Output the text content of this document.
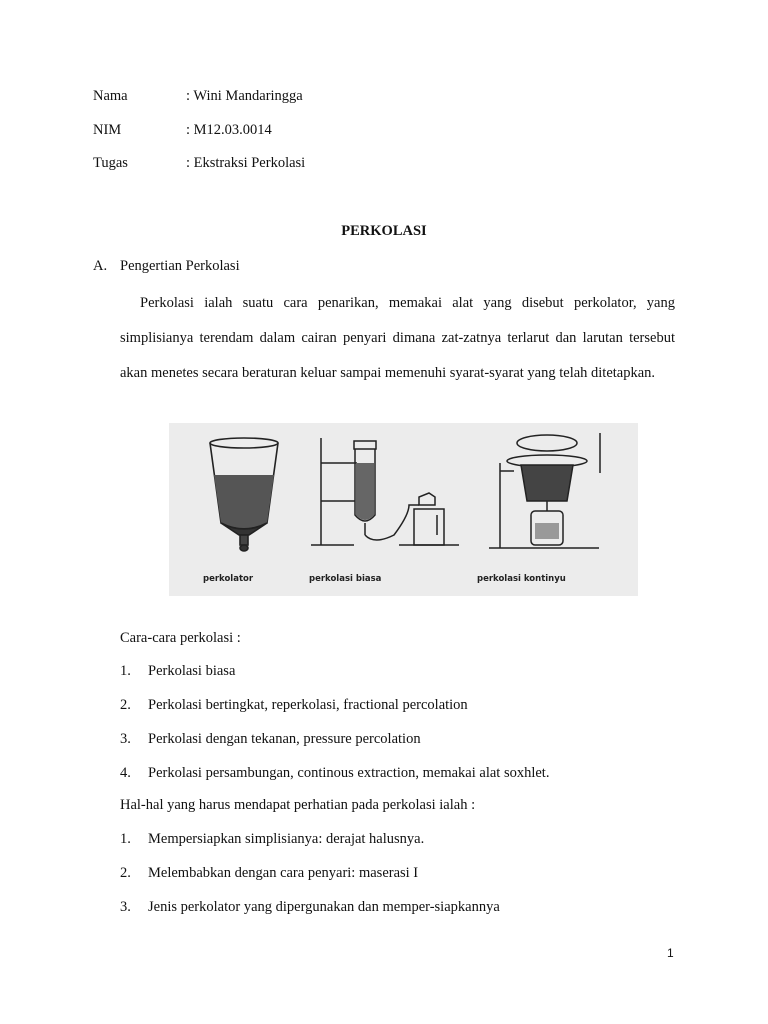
Nama	: Wini Mandaringga
NIM	: M12.03.0014
Tugas	: Ekstraksi Perkolasi
PERKOLASI
A. Pengertian Perkolasi
Perkolasi ialah suatu cara penarikan, memakai alat yang disebut perkolator, yang simplisianya terendam dalam cairan penyari dimana zat-zatnya terlarut dan larutan tersebut akan menetes secara beraturan keluar sampai memenuhi syarat-syarat yang telah ditetapkan.
perkolator	perkolasi biasa	perkolasi kontinyu
Cara-cara perkolasi :
1. Perkolasi biasa
2. Perkolasi bertingkat, reperkolasi, fractional percolation
3. Perkolasi dengan tekanan, pressure percolation
4. Perkolasi persambungan, continous extraction, memakai alat soxhlet.
Hal-hal yang harus mendapat perhatian pada perkolasi ialah :
1. Mempersiapkan simplisianya: derajat halusnya.
2. Melembabkan dengan cara penyari: maserasi I
3. Jenis perkolator yang dipergunakan dan memper-siapkannya
1
